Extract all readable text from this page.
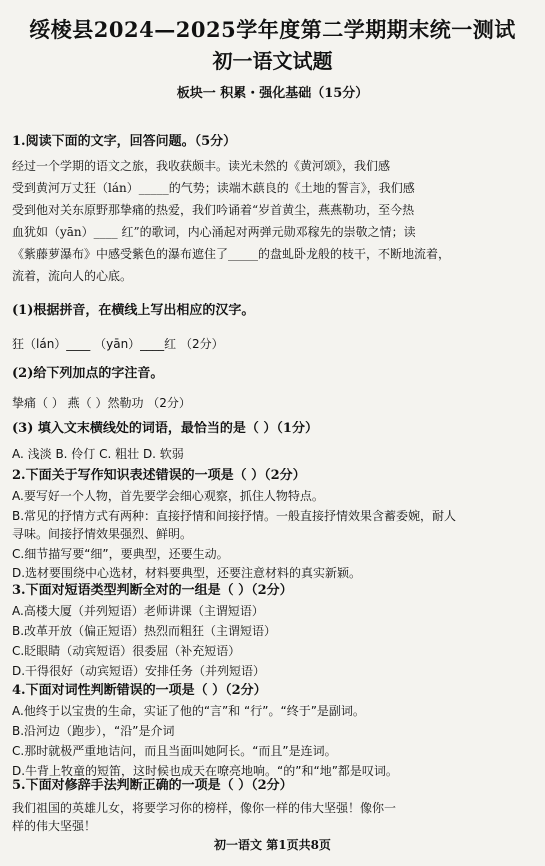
绥棱县2024—2025学年度第二学期期末统一测试
初一语文试题
板块一 积累・强化基础（15分）
1.阅读下面的文字，回答问题。（5分）
经过一个学期的语文之旅，我收获颇丰。读光未然的《黄河颂》，我们感
受到黄河万丈狂（lán）_____的气势；读端木蕻良的《土地的誓言》，我们感
受到他对关东原野那挚痛的热爱，我们吟诵着“岁首黄尘，燕燕勒功，至今热
血犹如（yān）____ 红”的歌词，内心涌起对两弹元勋邓稼先的崇敬之情；读
《紫藤萝瀑布》中感受紫色的瀑布遮住了_____的盘虬卧龙般的枝干，不断地流着，
流着，流向人的心底。
(1)根据拼音，在横线上写出相应的汉字。
狂（lán）____ （yān）____红 （2分）
(2)给下列加点的字注音。
挚痛（ ） 燕（ ）然勒功 （2分）
(3) 填入文末横线处的词语，最恰当的是（ ）（1分）
A. 浅淡 B. 伶仃 C. 粗壮 D. 软弱
2.下面关于写作知识表述错误的一项是（ ）（2分）
A.要写好一个人物，首先要学会细心观察，抓住人物特点。
B.常见的抒情方式有两种：直接抒情和间接抒情。一般直接抒情效果含蓄委婉，耐人
寻味。间接抒情效果强烈、鲜明。
C.细节描写要“细”，要典型，还要生动。
D.选材要围绕中心选材，材料要典型，还要注意材料的真实新颖。
3.下面对短语类型判断全对的一组是（ ）（2分）
A.高楼大厦（并列短语）老师讲课（主谓短语）
B.改革开放（偏正短语）热烈而粗狂（主谓短语）
C.眨眼睛（动宾短语）很委屈（补充短语）
D.干得很好（动宾短语）安排任务（并列短语）
4.下面对词性判断错误的一项是（ ）（2分）
A.他终于以宝贵的生命，实证了他的“言”和 “行”。“终于”是副词。
B.沿河边（跑步），“沿”是介词
C.那时就极严重地诘问，而且当面叫她阿长。“而且”是连词。
D.牛背上牧童的短笛，这时候也成天在嘹亮地响。“的”和“地”都是叹词。
初一语文 第1页共8页
5.下面对修辞手法判断正确的一项是（ ）（2分）
我们祖国的英雄儿女，将要学习你的榜样，像你一样的伟大坚强！像你一
样的伟大坚强！
